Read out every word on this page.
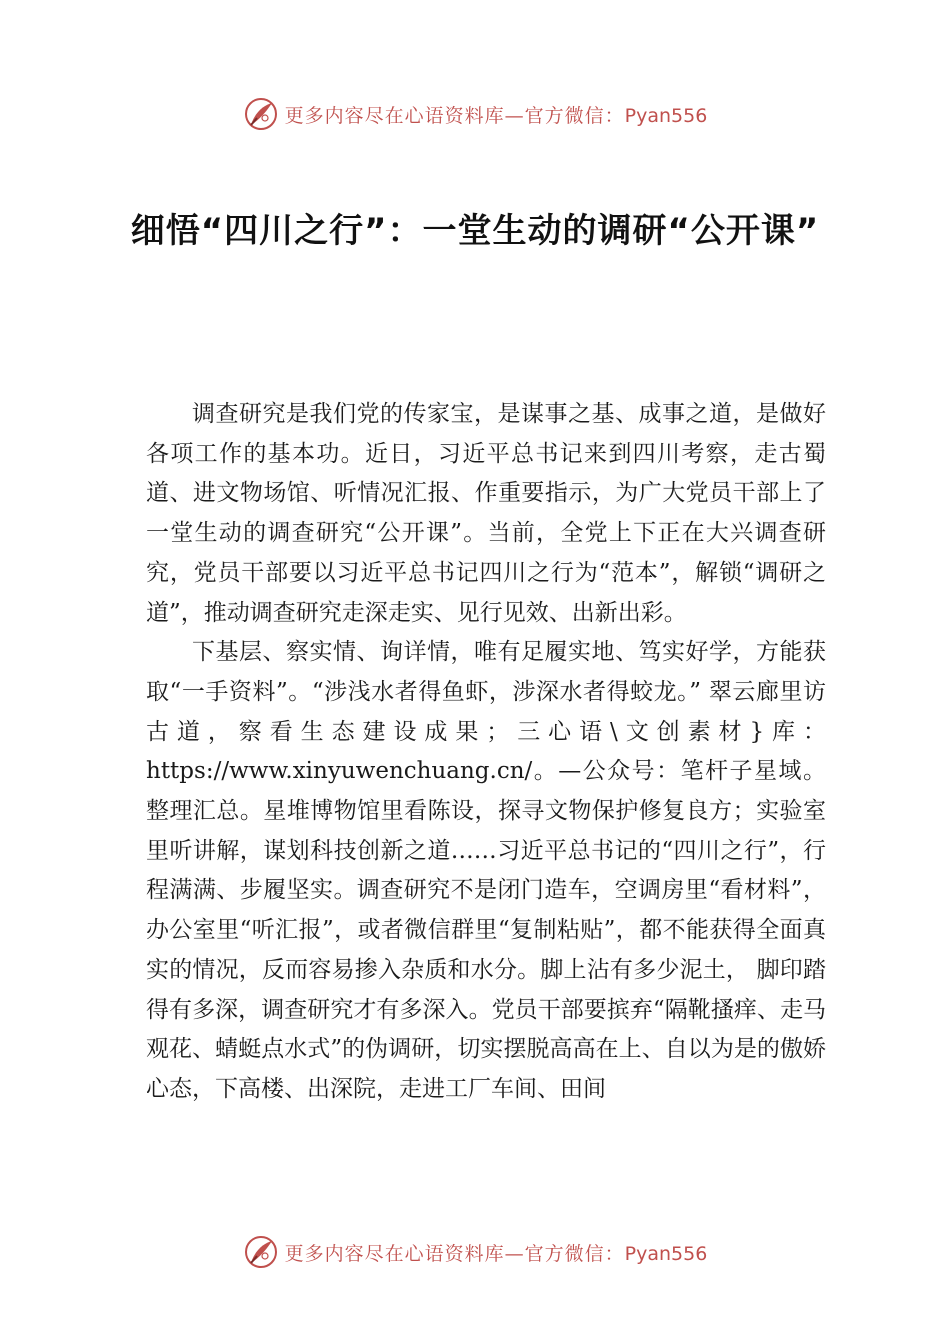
更多内容尽在心语资料库—官方微信：Pyan556
细悟“四川之行”：一堂生动的调研“公开课”

调查研究是我们党的传家宝，是谋事之基、成事之道，是做好各项工作的基本功。近日，习近平总书记来到四川考察，走古蜀道、进文物场馆、听情况汇报、作重要指示，为广大党员干部上了一堂生动的调查研究“公开课”。当前，全党上下正在大兴调查研究，党员干部要以习近平总书记四川之行为“范本”，解锁“调研之道”，推动调查研究走深走实、见行见效、出新出彩。

下基层、察实情、询详情，唯有足履实地、笃实好学，方能获取“一手资料”。“涉浅水者得鱼虾，涉深水者得蛟龙。” 翠云廊里访古道，察看生态建设成果；三心语\文创素材}库：https://www.xinyuwenchuang.cn/。—公众号：笔杆子星域。整理汇总。星堆博物馆里看陈设，探寻文物保护修复良方；实验室里听讲解，谋划科技创新之道……习近平总书记的“四川之行”，行程满满、步履坚实。调查研究不是闭门造车，空调房里“看材料”，办公室里“听汇报”，或者微信群里“复制粘贴”，都不能获得全面真实的情况，反而容易掺入杂质和水分。脚上沾有多少泥土， 脚印踏得有多深，调查研究才有多深入。党员干部要摈弃“隔靴搔痒、走马观花、蜻蜓点水式”的伪调研，切实摆脱高高在上、自以为是的傲娇心态，下高楼、出深院，走进工厂车间、田间

更多内容尽在心语资料库—官方微信：Pyan556
